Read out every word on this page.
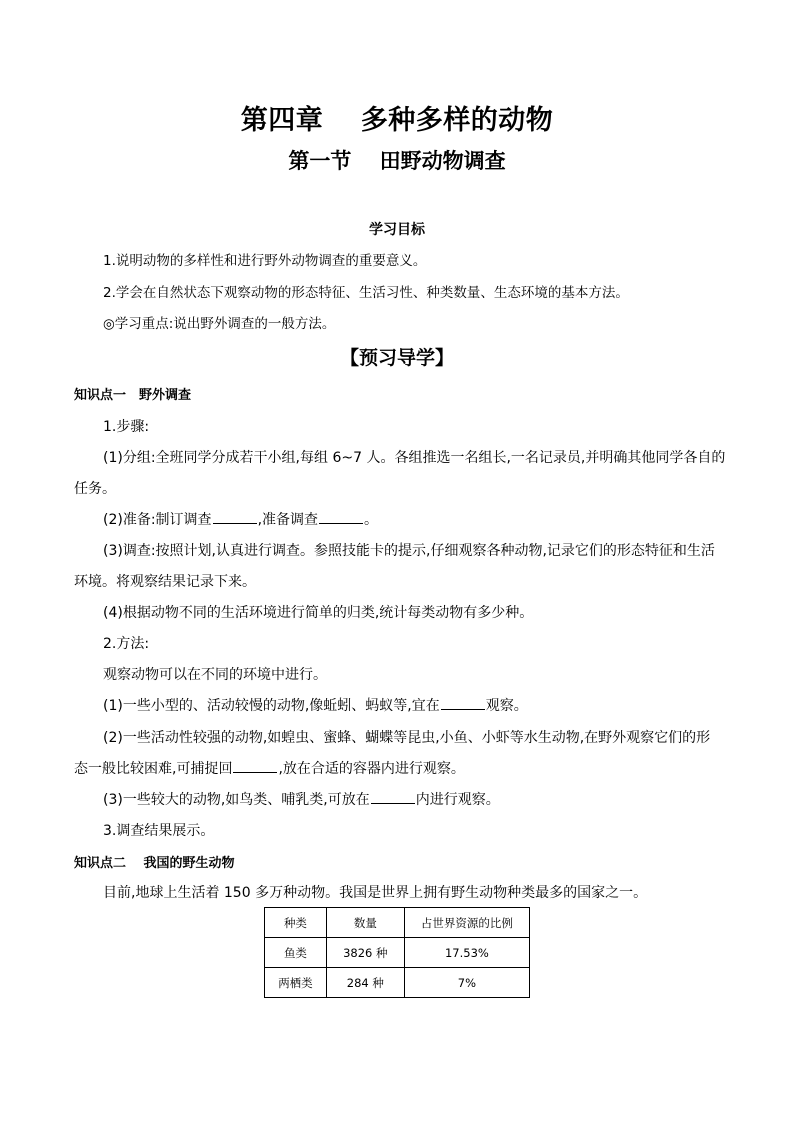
第四章　 多种多样的动物
第一节　 田野动物调查
学习目标
1.说明动物的多样性和进行野外动物调查的重要意义。
2.学会在自然状态下观察动物的形态特征、生活习性、种类数量、生态环境的基本方法。
◎学习重点:说出野外调查的一般方法。
【预习导学】
知识点一　野外调查
1.步骤:
(1)分组:全班同学分成若干小组,每组 6~7 人。各组推选一名组长,一名记录员,并明确其他同学各自的
任务。
(2)准备:制订调查	,准备调查	。
(3)调查:按照计划,认真进行调查。参照技能卡的提示,仔细观察各种动物,记录它们的形态特征和生活
环境。将观察结果记录下来。
(4)根据动物不同的生活环境进行简单的归类,统计每类动物有多少种。
2.方法:
观察动物可以在不同的环境中进行。
(1)一些小型的、活动较慢的动物,像蚯蚓、蚂蚁等,宜在	观察。
(2)一些活动性较强的动物,如蝗虫、蜜蜂、蝴蝶等昆虫,小鱼、小虾等水生动物,在野外观察它们的形
态一般比较困难,可捕捉回	,放在合适的容器内进行观察。
(3)一些较大的动物,如鸟类、哺乳类,可放在	内进行观察。
3.调查结果展示。
知识点二　 我国的野生动物
目前,地球上生活着 150 多万种动物。我国是世界上拥有野生动物种类最多的国家之一。
种类	数量	占世界资源的比例
鱼类	3826 种	17.53%
两栖类	284 种	7%
